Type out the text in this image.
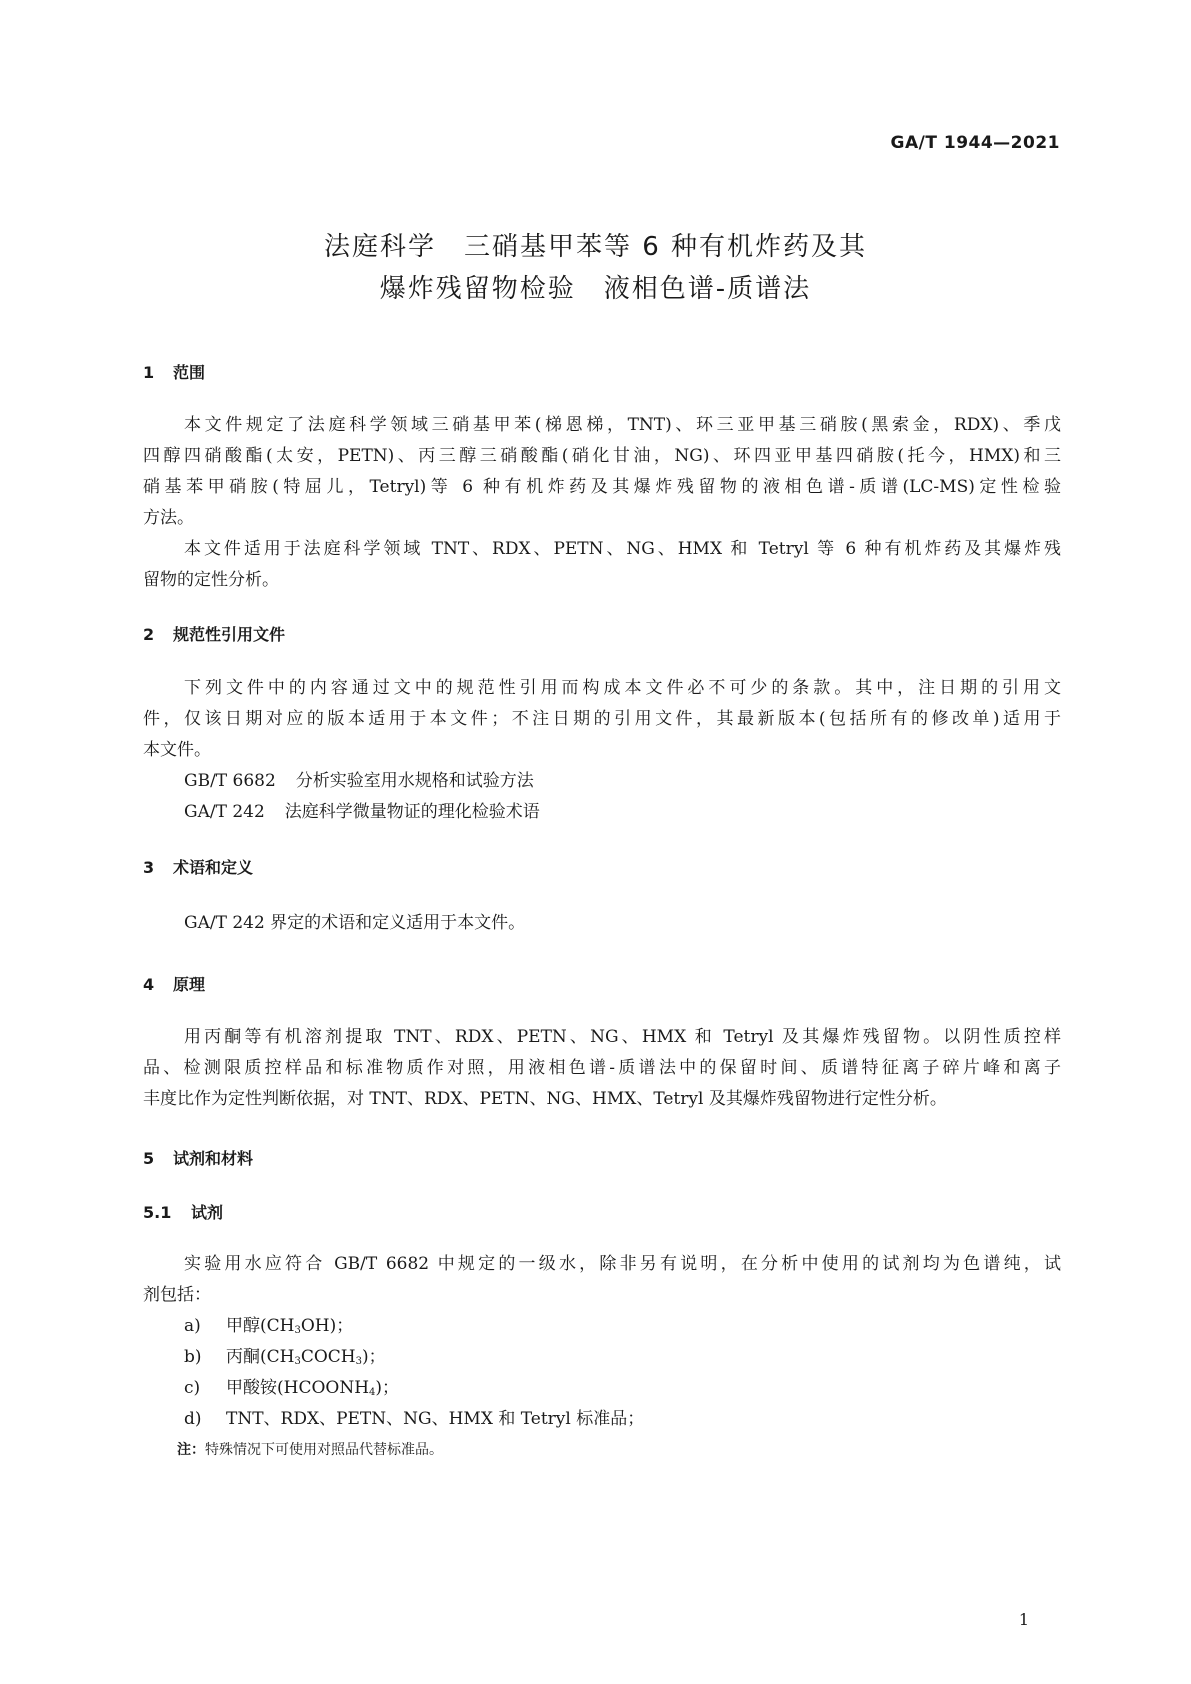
GA/T 1944—2021
法庭科学　三硝基甲苯等 6 种有机炸药及其
爆炸残留物检验　液相色谱-质谱法
1 范围
本文件规定了法庭科学领域三硝基甲苯(梯恩梯，TNT)、环三亚甲基三硝胺(黑索金，RDX)、季戊
四醇四硝酸酯(太安，PETN)、丙三醇三硝酸酯(硝化甘油，NG)、环四亚甲基四硝胺(托今，HMX)和三
硝基苯甲硝胺(特屈儿，Tetryl)等 6 种有机炸药及其爆炸残留物的液相色谱-质谱(LC-MS)定性检验
方法。
本文件适用于法庭科学领域 TNT、RDX、PETN、NG、HMX 和 Tetryl 等 6 种有机炸药及其爆炸残
留物的定性分析。
2 规范性引用文件
下列文件中的内容通过文中的规范性引用而构成本文件必不可少的条款。其中，注日期的引用文
件，仅该日期对应的版本适用于本文件；不注日期的引用文件，其最新版本(包括所有的修改单)适用于
本文件。
GB/T 6682 分析实验室用水规格和试验方法
GA/T 242 法庭科学微量物证的理化检验术语
3 术语和定义
GA/T 242 界定的术语和定义适用于本文件。
4 原理
用丙酮等有机溶剂提取 TNT、RDX、PETN、NG、HMX 和 Tetryl 及其爆炸残留物。以阴性质控样
品、检测限质控样品和标准物质作对照，用液相色谱-质谱法中的保留时间、质谱特征离子碎片峰和离子
丰度比作为定性判断依据，对 TNT、RDX、PETN、NG、HMX、Tetryl 及其爆炸残留物进行定性分析。
5 试剂和材料
5.1 试剂
实验用水应符合 GB/T 6682 中规定的一级水，除非另有说明，在分析中使用的试剂均为色谱纯，试
剂包括：
a) 甲醇$(CH_3OH)$；
b) 丙酮$(CH_3COCH_3)$；
c) 甲酸铵$(HCOONH_4)$；
d) TNT、RDX、PETN、NG、HMX 和 Tetryl 标准品；
注：特殊情况下可使用对照品代替标准品。
1
